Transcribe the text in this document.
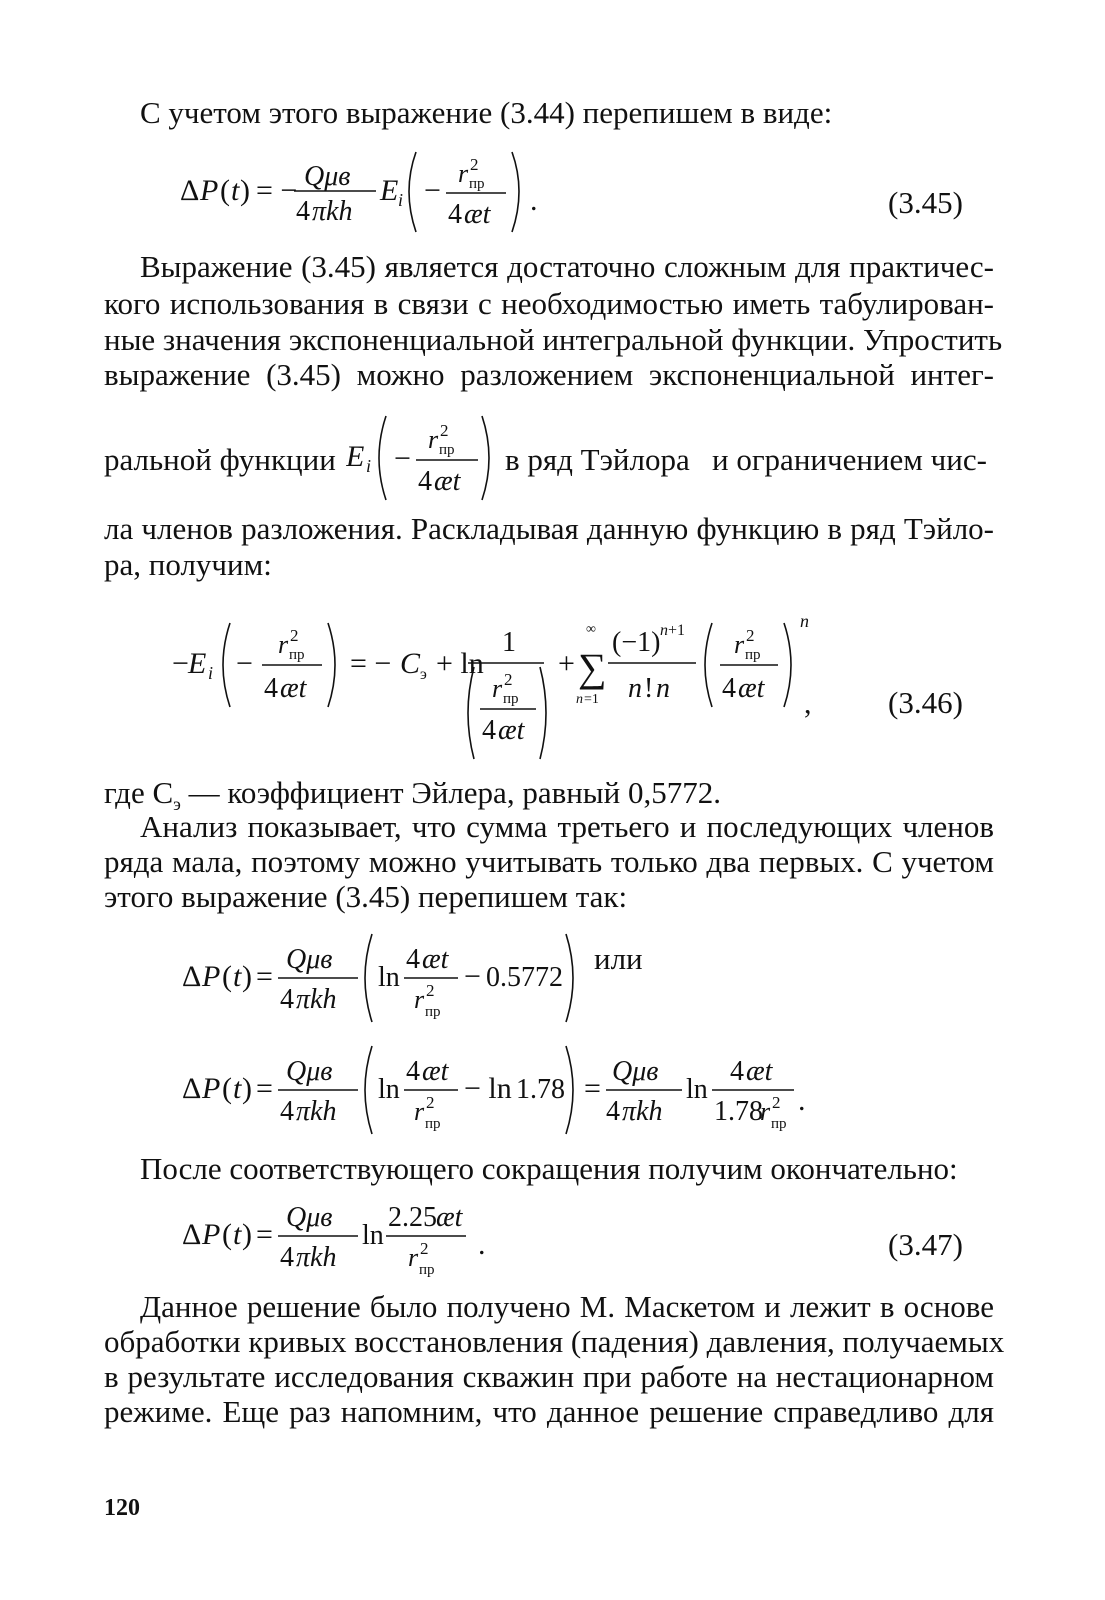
С учетом этого выражение (3.44) перепишем в виде:
Δ P ( t ) = − Qμв
4 πkh
E i −
r 2
пр
4 æt .	(3.45)
Выражение (3.45) является достаточно сложным для практичес-
кого использования в связи с необходимостью иметь табулирован-
ные значения экспоненциальной интегральной функции. Упростить
выражение (3.45) можно разложением экспоненциальной интег-
ральной функции E i −
r 2
пр
4 æt
в ряд Тэйлора и ограничением чис-
ла членов разложения. Раскладывая данную функцию в ряд Тэйло-
ра, получим:
− E i −
r 2
пр
4 æt
= − C э + ln
1
r 2
пр
4 æt
+
∞
∑
n =1
(−1) n +1
n ! n
r 2
пр
4 æt
n
, (3.46)
где $С_э$ — коэффициент Эйлера, равный 0,5772.
Анализ показывает, что сумма третьего и последующих членов
ряда мала, поэтому можно учитывать только два первых. С учетом
этого выражение (3.45) перепишем так:
Δ P ( t ) =
Qμв
4 πkh
ln
4 æt
r 2
пр
− 0.5772
или
Δ P ( t ) =
Qμв
4 πkh
ln
4 æt
r 2
пр
− ln 1.78 =
Qμв
4 πkh
ln
4 æt
1.78
r 2
пр
.
После соответствующего сокращения получим окончательно:
Δ P ( t ) =
Qμв
4 πkh
ln
2.25 æt
r 2
пр
.	(3.47)
Данное решение было получено М. Маскетом и лежит в основе
обработки кривых восстановления (падения) давления, получаемых
в результате исследования скважин при работе на нестационарном
режиме. Еще раз напомним, что данное решение справедливо для
120
